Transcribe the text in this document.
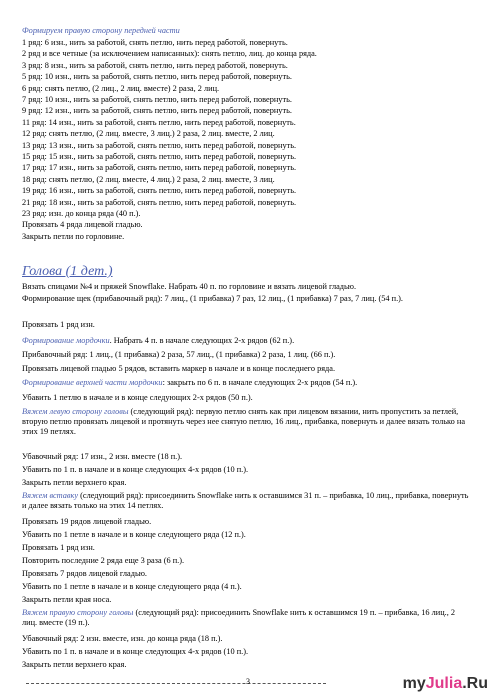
Формируем правую сторону передней части
1 ряд: 6 изн., нить за работой, снять петлю, нить перед работой, повернуть.
2 ряд и все четные (за исключением написанных): снять петлю, лиц. до конца ряда.
3 ряд: 8 изн., нить за работой, снять петлю, нить перед работой, повернуть.
5 ряд: 10 изн., нить за работой, снять петлю, нить перед работой, повернуть.
6 ряд: снять петлю, (2 лиц., 2 лиц. вместе) 2 раза, 2 лиц.
7 ряд: 10 изн., нить за работой, снять петлю, нить перед работой, повернуть.
9 ряд: 12 изн., нить за работой, снять петлю, нить перед работой, повернуть.
11 ряд: 14 изн., нить за работой, снять петлю, нить перед работой, повернуть.
12 ряд: снять петлю, (2 лиц. вместе, 3 лиц.) 2 раза, 2 лиц. вместе, 2 лиц.
13 ряд: 13 изн., нить за работой, снять петлю, нить перед работой, повернуть.
15 ряд: 15 изн., нить за работой, снять петлю, нить перед работой, повернуть.
17 ряд: 17 изн., нить за работой, снять петлю, нить перед работой, повернуть.
18 ряд: снять петлю, (2 лиц. вместе, 4 лиц.) 2 раза, 2 лиц. вместе, 3 лиц.
19 ряд: 16 изн., нить за работой, снять петлю, нить перед работой, повернуть.
21 ряд: 18 изн., нить за работой, снять петлю, нить перед работой, повернуть.
23 ряд: изн. до конца ряда (40 п.).
Провязать 4 ряда лицевой гладью.
Закрыть петли по горловине.
Голова (1 дет.)
Вязать спицами №4 и пряжей Snowflake. Набрать 40 п. по горловине и вязать лицевой гладью.
Формирование щек (прибавочный ряд): 7 лиц., (1 прибавка) 7 раз, 12 лиц., (1 прибавка) 7 раз, 7 лиц. (54 п.).
Провязать 1 ряд изн.
Формирование мордочки. Набрать 4 п. в начале следующих 2-х рядов (62 п.).
Прибавочный ряд: 1 лиц., (1 прибавка) 2 раза, 57 лиц., (1 прибавка) 2 раза, 1 лиц. (66 п.).
Провязать лицевой гладью 5 рядов, вставить маркер в начале и в конце последнего ряда.
Формирование верхней части мордочки: закрыть по 6 п. в начале следующих 2-х рядов (54 п.).
Убавить 1 петлю в начале и в конце следующих 2-х рядов (50 п.).
Вяжем левую сторону головы (следующий ряд): первую петлю снять как при лицевом вязании, нить пропустить за петлей, вторую петлю провязать лицевой и протянуть через нее снятую петлю, 16 лиц., прибавка, повернуть и далее вязать только на этих 19 петлях.
Убавочный ряд: 17 изн., 2 изн. вместе (18 п.).
Убавить по 1 п. в начале и в конце следующих 4-х рядов (10 п.).
Закрыть петли верхнего края.
Вяжем вставку (следующий ряд): присоединить Snowflake нить к оставшимся 31 п. – прибавка, 10 лиц., прибавка, повернуть и далее вязать только на этих 14 петлях.
Провязать 19 рядов лицевой гладью.
Убавить по 1 петле в начале и в конце следующего ряда (12 п.).
Провязать 1 ряд изн.
Повторить последние 2 ряда еще 3 раза (6 п.).
Провязать 7 рядов лицевой гладью.
Убавить по 1 петле в начале и в конце следующего ряда (4 п.).
Закрыть петли края носа.
Вяжем правую сторону головы (следующий ряд): присоединить Snowflake нить к оставшимся 19 п. – прибавка, 16 лиц., 2 лиц. вместе (19 п.).
Убавочный ряд: 2 изн. вместе, изн. до конца ряда (18 п.).
Убавить по 1 п. в начале и в конце следующих 4-х рядов (10 п.).
Закрыть петли верхнего края.
3	myJulia.Ru
